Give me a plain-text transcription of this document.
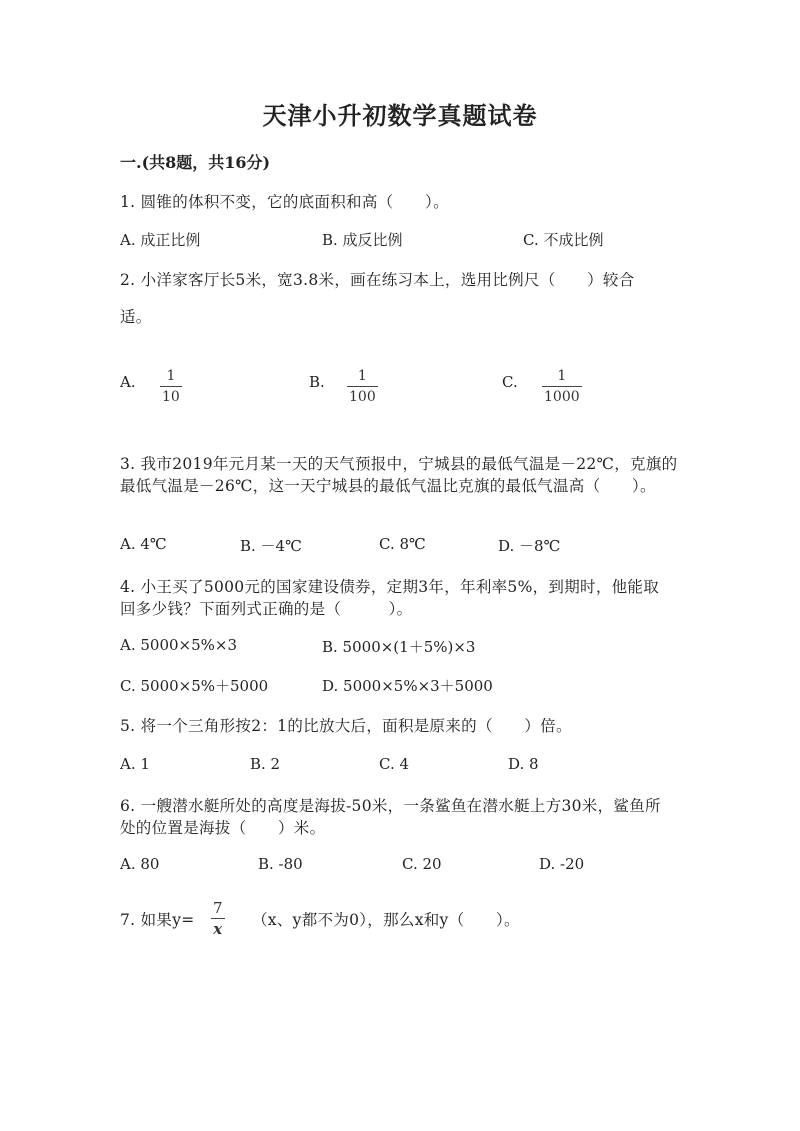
天津小升初数学真题试卷
一.(共8题，共16分)
1. 圆锥的体积不变，它的底面积和高（　　）。
A. 成正比例	B. 成反比例	C. 不成比例
2. 小洋家客厅长5米，宽3.8米，画在练习本上，选用比例尺（　　）较合
适。
A. 1
10
B. 1
100
C.	1
1000
3. 我市2019年元月某一天的天气预报中，宁城县的最低气温是－22℃，克旗的
最低气温是－26℃，这一天宁城县的最低气温比克旗的最低气温高（　　）。
A. 4℃	B. －4℃	C. 8℃	D. －8℃
4. 小王买了5000元的国家建设债券，定期3年，年利率5%，到期时，他能取
回多少钱？下面列式正确的是（　　　）。
A. 5000×5%×3	B. 5000×(1＋5%)×3
C. 5000×5%＋5000	D. 5000×5%×3＋5000
5. 将一个三角形按2：1的比放大后，面积是原来的（　　）倍。
A. 1	B. 2	C. 4	D. 8
6. 一艘潜水艇所处的高度是海拔-50米，一条鲨鱼在潜水艇上方30米，鲨鱼所
处的位置是海拔（　　）米。
A. 80	B. -80	C. 20	D. -20
7. 如果y=
7
x （x、y都不为0），那么x和y（　　）。
